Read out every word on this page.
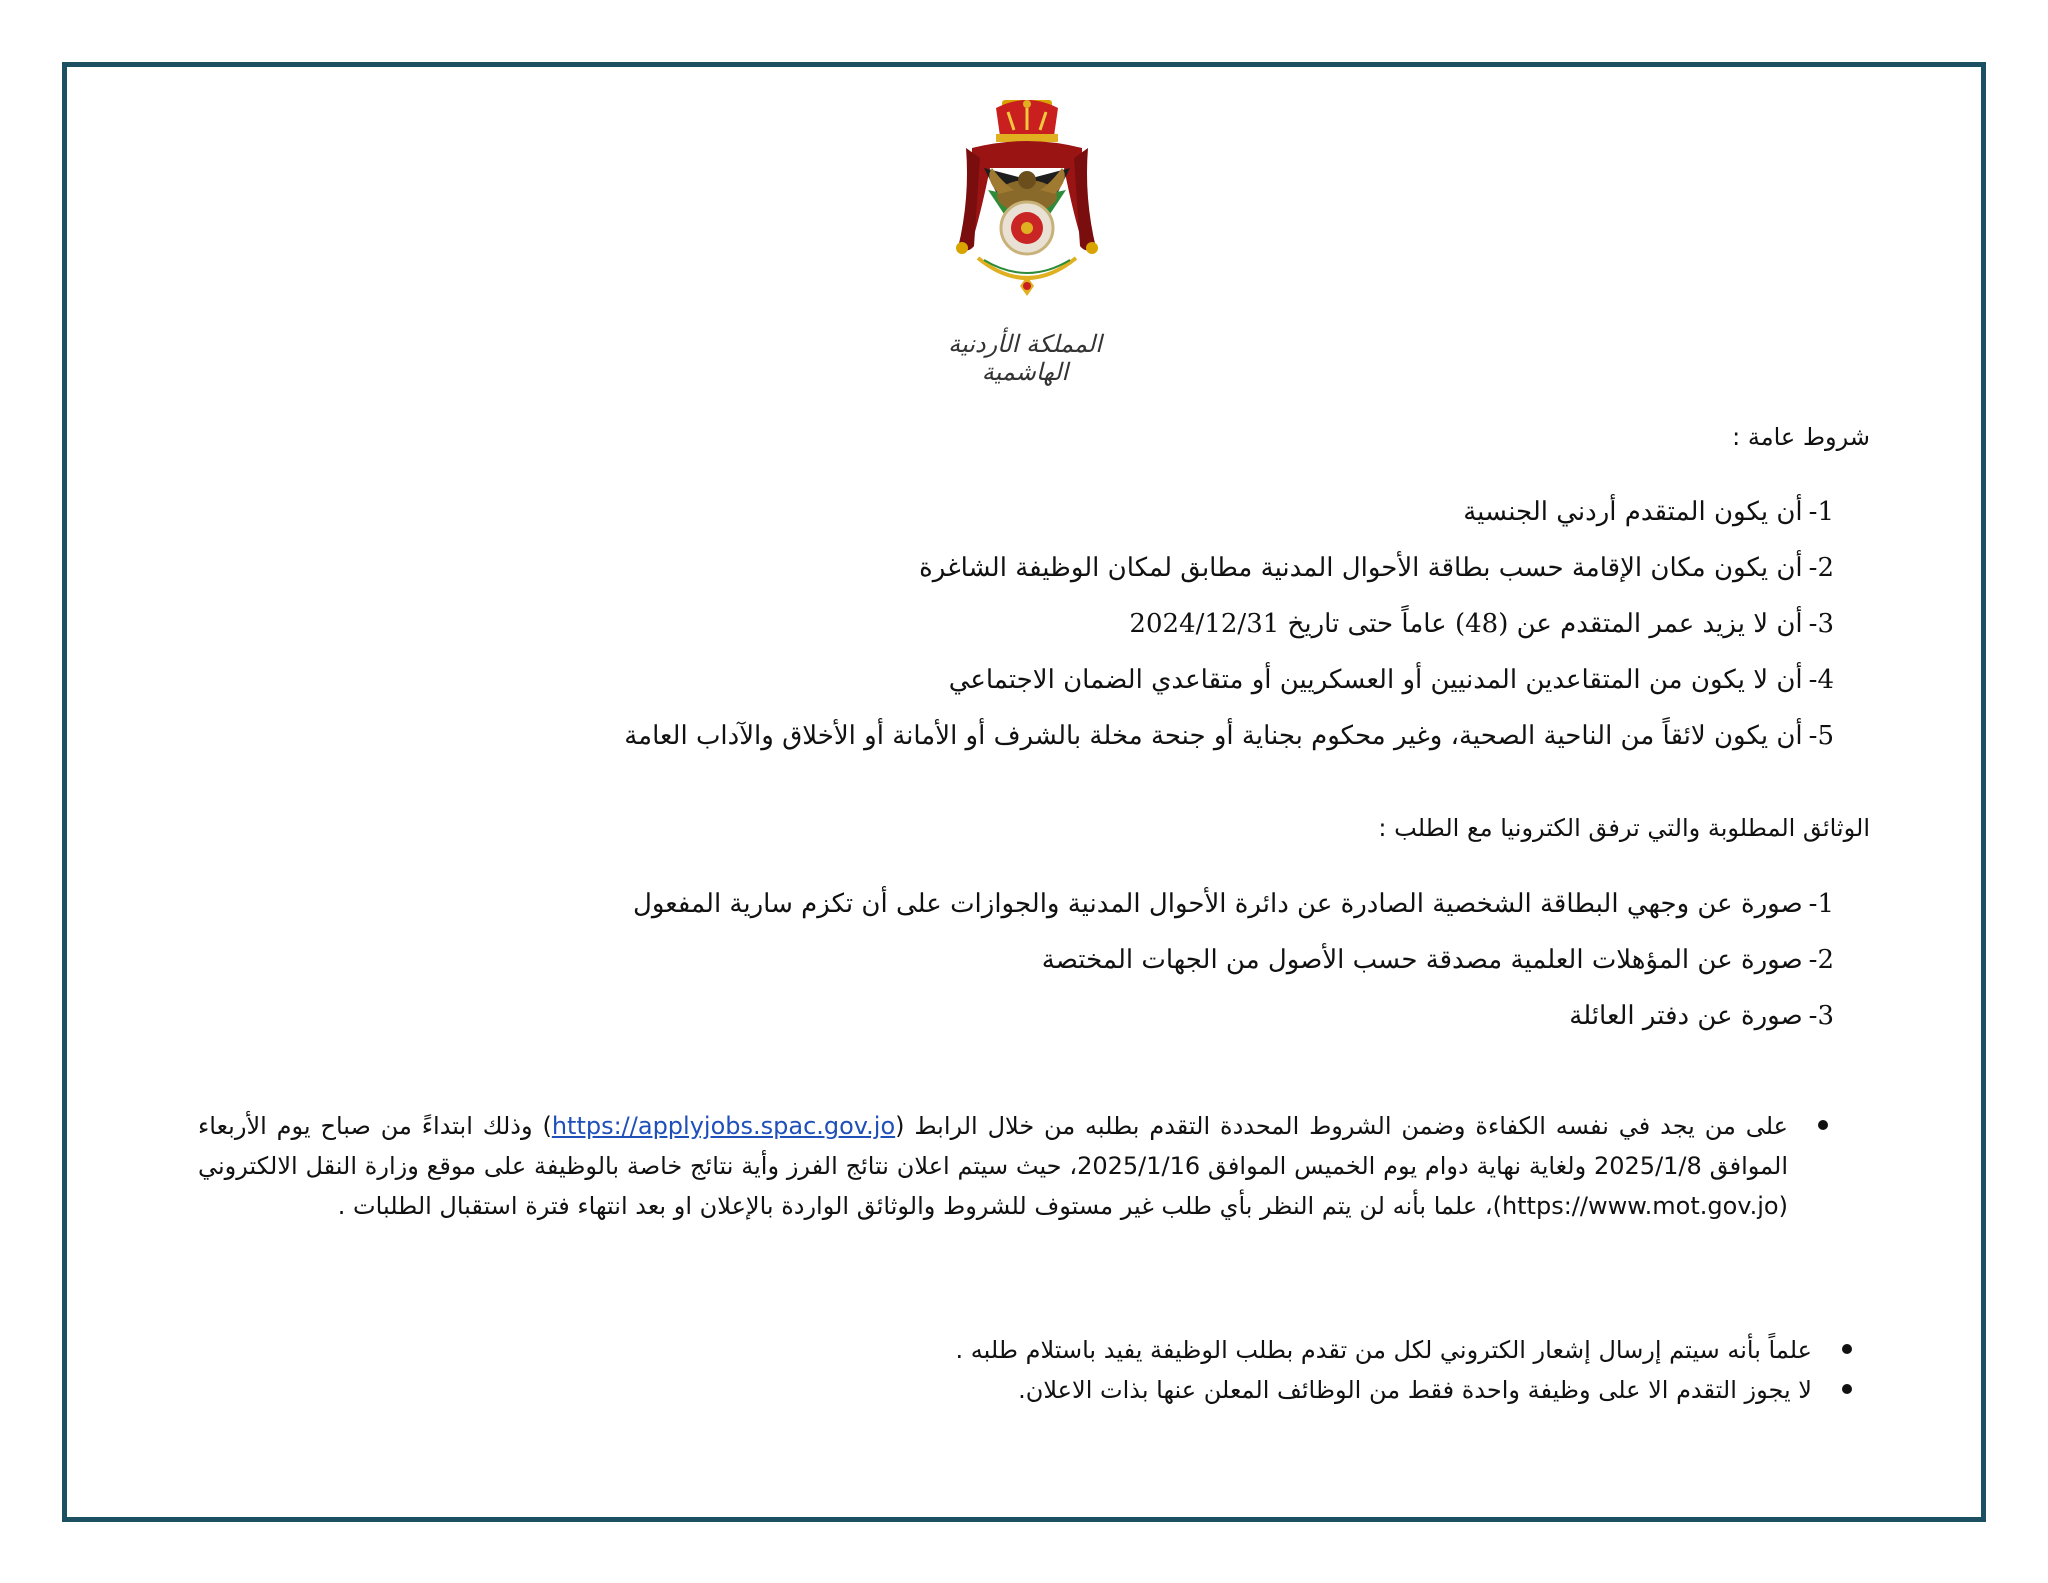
المملكة الأردنية الهاشمية
شروط عامة :
1-أن يكون المتقدم أردني الجنسية
2-أن يكون مكان الإقامة حسب بطاقة الأحوال المدنية مطابق لمكان الوظيفة الشاغرة
3-أن لا يزيد عمر المتقدم عن (48) عاماً حتى تاريخ 2024/12/31
4-أن لا يكون من المتقاعدين المدنيين أو العسكريين أو متقاعدي الضمان الاجتماعي
5-أن يكون لائقاً من الناحية الصحية، وغير محكوم بجناية أو جنحة مخلة بالشرف أو الأمانة أو الأخلاق والآداب العامة
الوثائق المطلوبة والتي ترفق الكترونيا مع الطلب :
1-صورة عن وجهي البطاقة الشخصية الصادرة عن دائرة الأحوال المدنية والجوازات على أن تكزم سارية المفعول
2-صورة عن المؤهلات العلمية مصدقة حسب الأصول من الجهات المختصة
3-صورة عن دفتر العائلة
على من يجد في نفسه الكفاءة وضمن الشروط المحددة التقدم بطلبه من خلال الرابط (https://applyjobs.spac.gov.jo) وذلك ابتداءً من صباح يوم الأربعاء الموافق 2025/1/8 ولغاية نهاية دوام يوم الخميس الموافق 2025/1/16، حيث سيتم اعلان نتائج الفرز وأية نتائج خاصة بالوظيفة على موقع وزارة النقل الالكتروني (https://www.mot.gov.jo)، علما بأنه لن يتم النظر بأي طلب غير مستوف للشروط والوثائق الواردة بالإعلان او بعد انتهاء فترة استقبال الطلبات .
علماً بأنه سيتم إرسال إشعار الكتروني لكل من تقدم بطلب الوظيفة يفيد باستلام طلبه .
لا يجوز التقدم الا على وظيفة واحدة فقط من الوظائف المعلن عنها بذات الاعلان.
